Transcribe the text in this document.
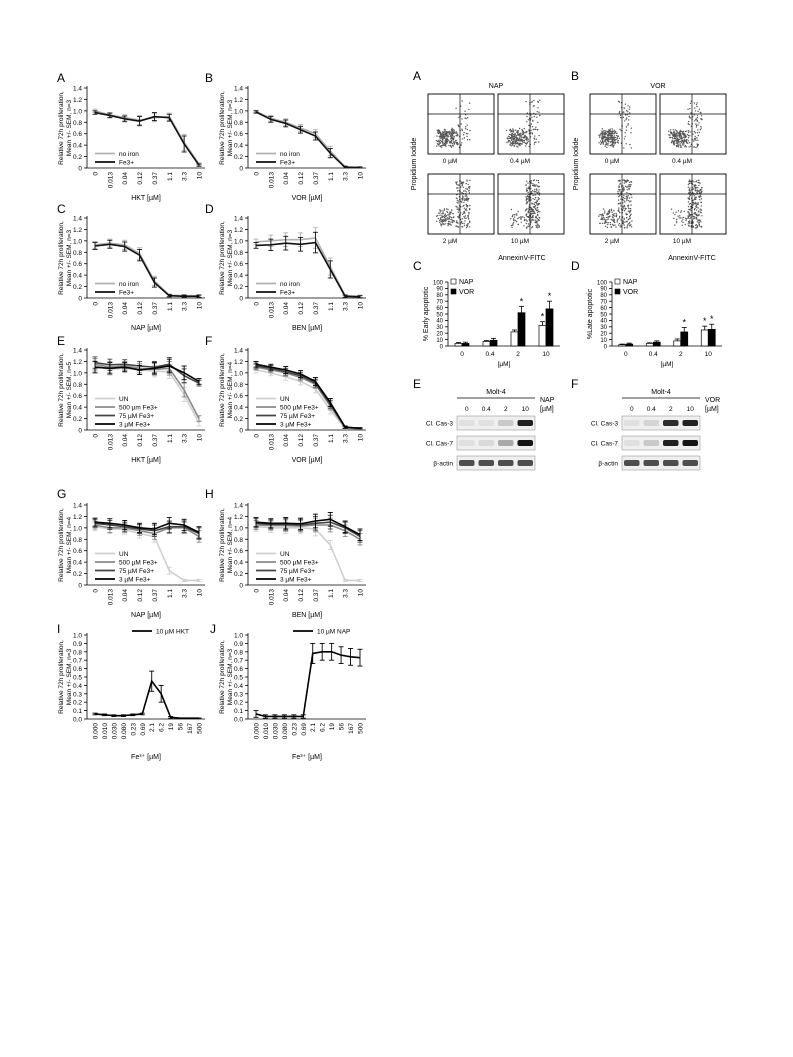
A
0
0.2
0.4
0.6
0.8
1.0
1.2
1.4
0 0.013 0.04 0.12 0.37 1.1 3.3 10
HKT [µM]
Relative 72h proliferation, Mean +/- SEM, n=3	no iron
Fe3+
B
0
0.2
0.4
0.6
0.8
1.0
1.2
1.4
0 0.013 0.04 0.12 0.37 1.1 3.3 10
VOR [µM]
Relative 72h proliferation, Mean +/- SEM, n=3	no iron
Fe3+
C
0
0.2
0.4
0.6
0.8
1.0
1.2
1.4
0 0.013 0.04 0.12 0.37 1.1 3.3 10
NAP [µM]
Relative 72h proliferation, Mean +/- SEM, n=3	no iron
Fe3+
D
0
0.2
0.4
0.6
0.8
1.0
1.2
1.4
0 0.013 0.04 0.12 0.37 1.1 3.3 10
BEN [µM]
Relative 72h proliferation, Mean +/- SEM, n=3	no iron
Fe3+
E
0
0.2
0.4
0.6
0.8
1.0
1.2
1.4
0 0.013 0.04 0.12 0.37 1.1 3.3 10
HKT [µM]
Relative 72h proliferation, Mean +/- SEM, n=5	UN
500 µm Fe3+
75 µM Fe3+
3 µM Fe3+
F
0
0.2
0.4
0.6
0.8
1.0
1.2
1.4
0 0.013 0.04 0.12 0.37 1.1 3.3 10
VOR [µM]
Relative 72h proliferation, Mean +/- SEM, n=4	UN
500 µM Fe3+
75 µM Fe3+
3 µM Fe3+
G
0
0.2
0.4
0.6
0.8
1.0
1.2
1.4
0 0.013 0.04 0.12 0.37 1.1 3.3 10
NAP [µM]
Relative 72h proliferation, Mean +/- SEM, n=4	UN
500 µM Fe3+
75 µM Fe3+
3 µM Fe3+
H
0
0.2
0.4
0.6
0.8
1.0
1.2
1.4
0 0.013 0.04 0.12 0.37 1.1 3.3 10
BEN [µM]
Relative 72h proliferation, Mean +/- SEM, n=4	UN
500 µM Fe3+
75 µM Fe3+
3 µM Fe3+
I
0.0
0.1
0.2
0.3
0.4
0.5
0.6
0.7
0.8
0.9
1.0
0.000 0.010 0.030 0.080 0.23 0.69 2.1 6.2 19 56 167 500
Fe³⁺ [µM]
Relative 72h proliferation, Mean +/- SEM, n=3
10 µM HKT J
0.0
0.1
0.2
0.3
0.4
0.5
0.6
0.7
0.8
0.9
1.0
0.000 0.010 0.030 0.080 0.23 0.69 2.1 6.2 19 56 167 500
Fe³⁺ [µM]
Relative 72h proliferation, Mean +/- SEM, n=3
10 µM NAP
A
NAP
Propidium Iodide	0 µM	0.4 µM
2 µM	10 µM
B
VOR
Propidium Iodide	0 µM	0.4 µM
2 µM	10 µM
AnnexinV-FITC	AnnexinV-FITC
C
0
10
20
30
40
50
60
70
80
90
100
0	0.4	2	10
*
*
*
[µM]
% Early apoptotic
NAP
VOR
D
0
10
20
30
40
50
60
70
80
90
100
0	0.4	2	10
* * *
[µM]
%Late apoptotic
NAP
VOR
E
Molt-4
NAP
[µM]
0 0.4 2 10
Cl. Cas-3
Cl. Cas-7
β-actin
F
Molt-4
VOR
[µM]
0 0.4 2 10
Cl. Cas-3
Cl. Cas-7
β-actin
